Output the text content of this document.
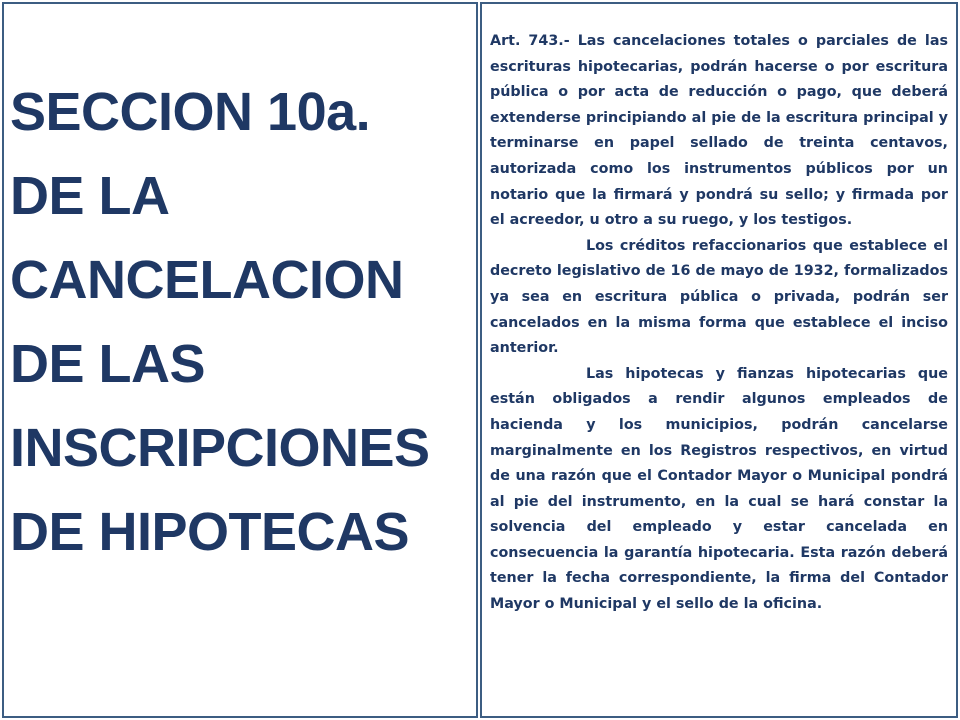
SECCION 10a.
DE LA
CANCELACION
DE LAS
INSCRIPCIONES
DE HIPOTECAS

Art. 743.- Las cancelaciones totales o parciales de las escrituras hipotecarias, podrán hacerse o por escritura pública o por acta de reducción o pago, que deberá extenderse principiando al pie de la escritura principal y terminarse en papel sellado de treinta centavos, autorizada como los instrumentos públicos por un notario que la firmará y pondrá su sello; y firmada por el acreedor, u otro a su ruego, y los testigos.

Los créditos refaccionarios que establece el decreto legislativo de 16 de mayo de 1932, formalizados ya sea en escritura pública o privada, podrán ser cancelados en la misma forma que establece el inciso anterior.

Las hipotecas y fianzas hipotecarias que están obligados a rendir algunos empleados de hacienda y los municipios, podrán cancelarse marginalmente en los Registros respectivos, en virtud de una razón que el Contador Mayor o Municipal pondrá al pie del instrumento, en la cual se hará constar la solvencia del empleado y estar cancelada en consecuencia la garantía hipotecaria. Esta razón deberá tener la fecha correspondiente, la firma del Contador Mayor o Municipal y el sello de la oficina.
